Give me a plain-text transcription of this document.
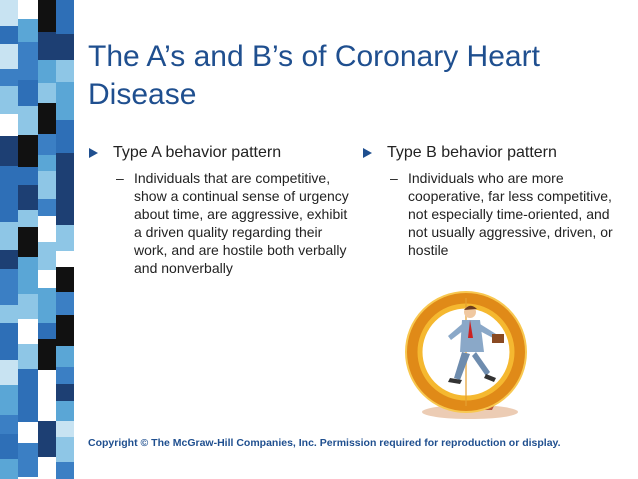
The A’s and B’s of Coronary Heart Disease
Type A behavior pattern
– Individuals that are competitive, show a continual sense of urgency about time, are aggressive, exhibit a driven quality regarding their work, and are hostile both verbally and nonverbally
Type B behavior pattern
– Individuals who are more cooperative, far less competitive, not especially time-oriented, and not usually aggressive, driven, or hostile
Copyright © The McGraw-Hill Companies, Inc. Permission required for reproduction or display.
